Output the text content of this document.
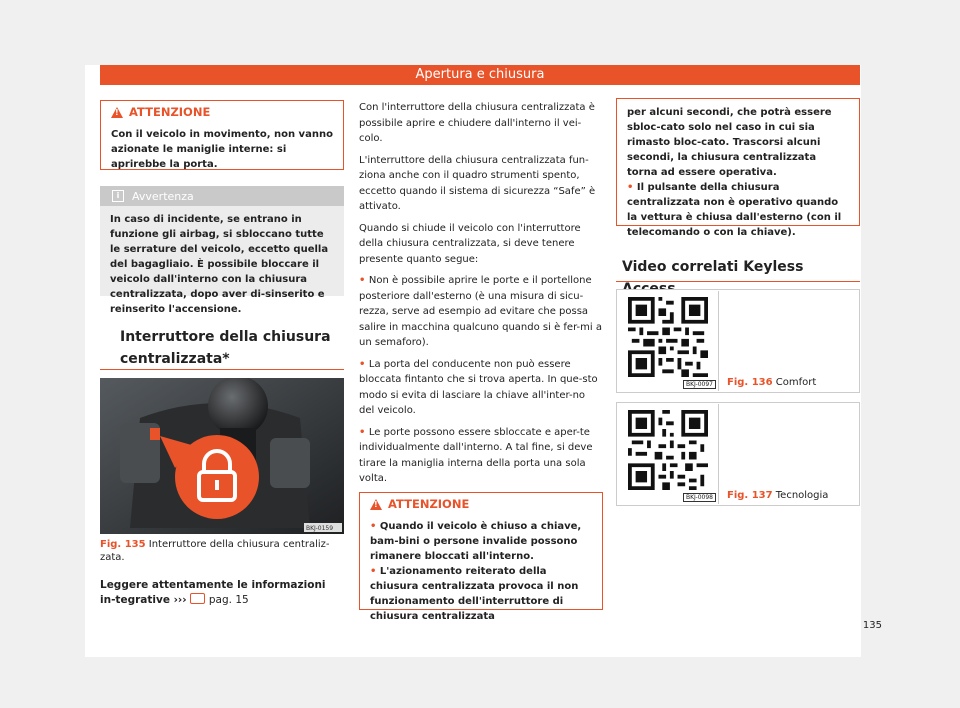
Apertura e chiusura
!
ATTENZIONE
Con il veicolo in movimento, non vanno azionate le maniglie interne: si aprirebbe la porta.
i	Avvertenza
In caso di incidente, se entrano in funzione gli airbag, si sbloccano tutte le serrature del veicolo, eccetto quella del bagagliaio. È possibile bloccare il veicolo dall'interno con la chiusura centralizzata, dopo aver di-sinserito e reinserito l'accensione.
Interruttore della chiusura centralizzata*
BKJ-0159
Fig. 135 Interruttore della chiusura centraliz-zata.
Leggere attentamente le informazioni in-tegrative ››› pag. 15

Con l'interruttore della chiusura centralizzata è possibile aprire e chiudere dall'interno il vei-colo.

L'interruttore della chiusura centralizzata fun-ziona anche con il quadro strumenti spento, eccetto quando il sistema di sicurezza “Safe” è attivato.

Quando si chiude il veicolo con l'interruttore della chiusura centralizzata, si deve tenere presente quanto segue:

• Non è possibile aprire le porte e il portellone posteriore dall'esterno (è una misura di sicu-rezza, serve ad esempio ad evitare che possa salire in macchina qualcuno quando si è fer-mi a un semaforo).

• La porta del conducente non può essere bloccata fintanto che si trova aperta. In que-sto modo si evita di lasciare la chiave all'inter-no del veicolo.

• Le porte possono essere sbloccate e aper-te individualmente dall'interno. A tal fine, si deve tirare la maniglia interna della porta una sola volta.

!
ATTENZIONE
• Quando il veicolo è chiuso a chiave, bam-bini o persone invalide possono rimanere bloccati all'interno.
• L'azionamento reiterato della chiusura centralizzata provoca il non funzionamento dell'interruttore di chiusura centralizzata
per alcuni secondi, che potrà essere sbloc-cato solo nel caso in cui sia rimasto bloc-cato. Trascorsi alcuni secondi, la chiusura centralizzata torna ad essere operativa.
• Il pulsante della chiusura centralizzata non è operativo quando la vettura è chiusa dall'esterno (con il telecomando o con la chiave).
Video correlati Keyless
BKJ-0097	Fig. 136 Comfort
BKJ-0098	Fig. 137 Tecnologia
135
